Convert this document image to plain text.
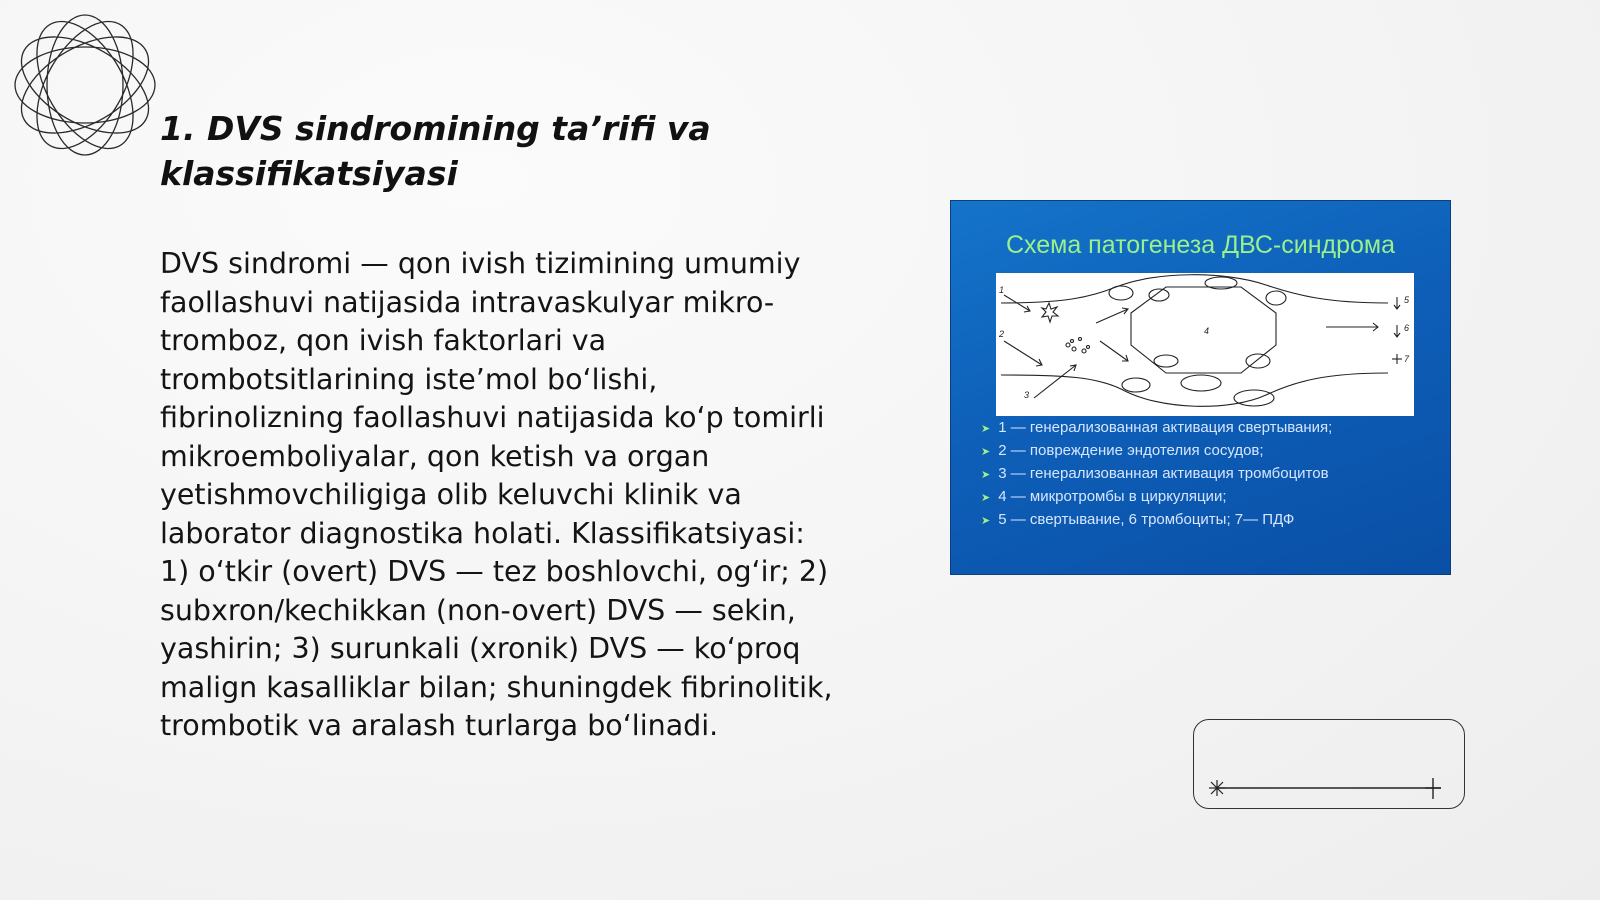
1. DVS sindromining ta’rifi va klassifikatsiyasi

DVS sindromi — qon ivish tizimining umumiy faollashuvi natijasida intravaskulyar mikro-tromboz, qon ivish faktorlari va trombotsitlarining iste’mol bo‘lishi, fibrinolizning faollashuvi natijasida ko‘p tomirli mikroemboliyalar, qon ketish va organ yetishmovchiligiga olib keluvchi klinik va laborator diagnostika holati. Klassifikatsiyasi: 1) o‘tkir (overt) DVS — tez boshlovchi, og‘ir; 2) subxron/kechikkan (non-overt) DVS — sekin, yashirin; 3) surunkali (xronik) DVS — ko‘proq malign kasalliklar bilan; shuningdek fibrinolitik, trombotik va aralash turlarga bo‘linadi.

Схема патогенеза ДВС-синдрома
1
2
3
4
5
6
7
➤ 1 — генерализованная активация свертывания;
➤ 2 — повреждение эндотелия сосудов;
➤ 3 — генерализованная активация тромбоцитов
➤ 4 — микротромбы в циркуляции;
➤ 5 — свертывание, 6 тромбоциты; 7— ПДФ
